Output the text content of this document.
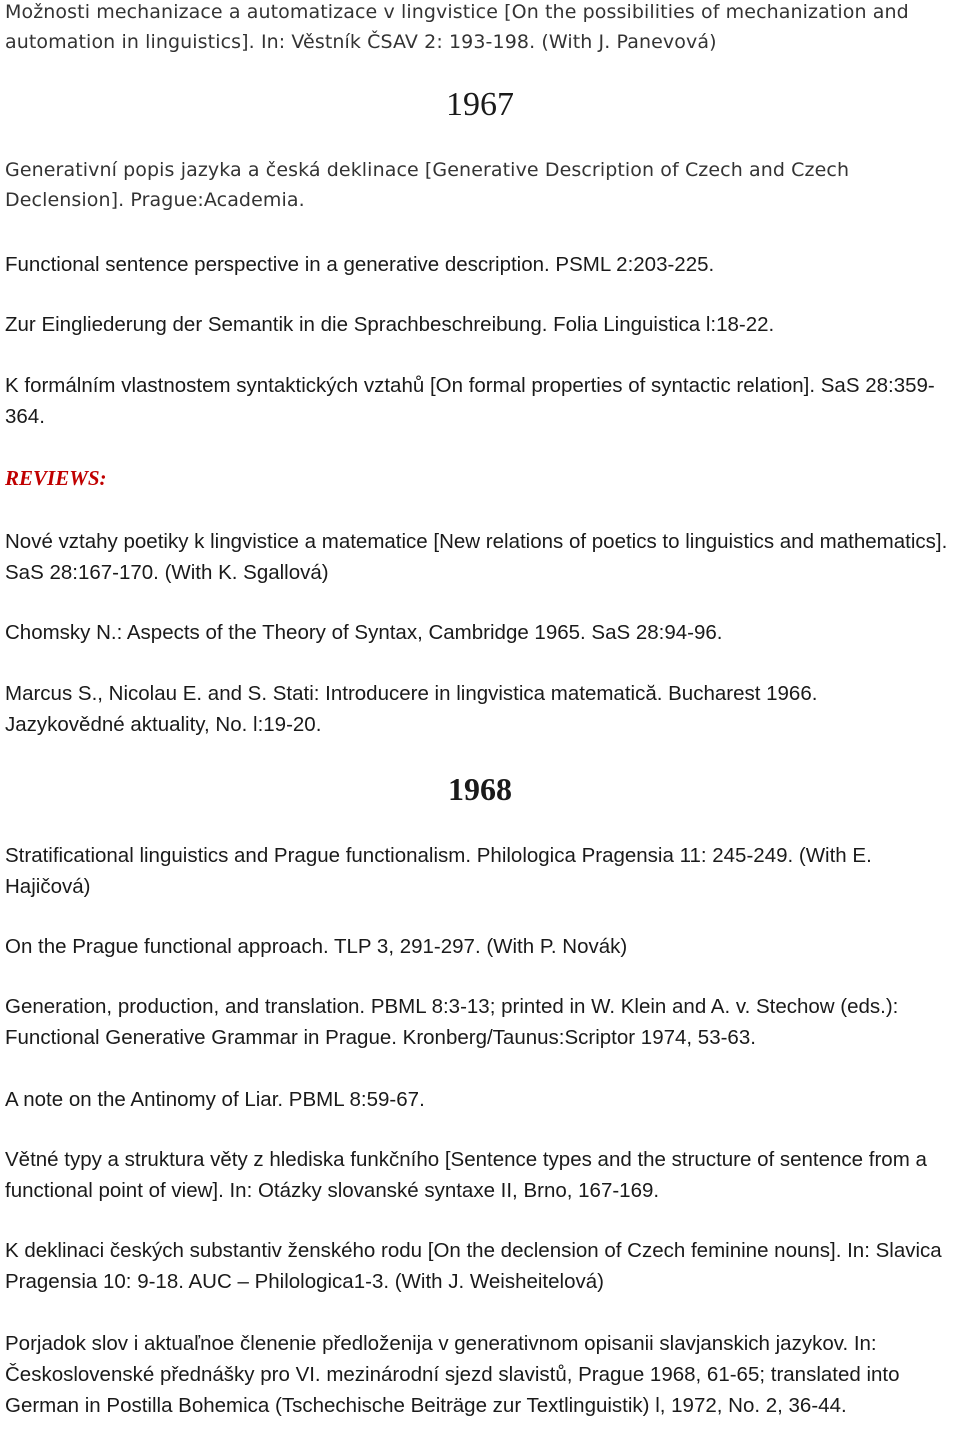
Možnosti mechanizace a automatizace v lingvistice [On the possibilities of mechanization and automation in linguistics]. In: Věstník ČSAV 2: 193-198. (With J. Panevová)

1967

Generativní popis jazyka a česká deklinace [Generative Description of Czech and Czech Declension]. Prague:Academia.

Functional sentence perspective in a generative description. PSML 2:203-225.

Zur Eingliederung der Semantik in die Sprachbeschreibung. Folia Linguistica l:18-22.

K formálním vlastnostem syntaktických vztahů [On formal properties of syntactic relation]. SaS 28:359-364.

REVIEWS:

Nové vztahy poetiky k lingvistice a matematice [New relations of poetics to linguistics and mathematics]. SaS 28:167-170. (With K. Sgallová)

Chomsky N.: Aspects of the Theory of Syntax, Cambridge 1965. SaS 28:94-96.

Marcus S., Nicolau E. and S. Stati: Introducere in lingvistica matematică. Bucharest 1966. Jazykovědné aktuality, No. l:19-20.

1968

Stratificational linguistics and Prague functionalism. Philologica Pragensia 11: 245-249. (With E. Hajičová)

On the Prague functional approach. TLP 3, 291-297. (With P. Novák)

Generation, production, and translation. PBML 8:3-13; printed in W. Klein and A. v. Stechow (eds.): Functional Generative Grammar in Prague. Kronberg/Taunus:Scriptor 1974, 53-63.

A note on the Antinomy of Liar. PBML 8:59-67.

Větné typy a struktura věty z hlediska funkčního [Sentence types and the structure of sentence from a functional point of view]. In: Otázky slovanské syntaxe II, Brno, 167-169.

K deklinaci českých substantiv ženského rodu [On the declension of Czech feminine nouns]. In: Slavica Pragensia 10: 9-18. AUC – Philologica1-3. (With J. Weisheitelová)

Porjadok slov i aktuaľnoe členenie předloženija v generativnom opisanii slavjanskich jazykov. In: Československé přednášky pro VI. mezinárodní sjezd slavistů, Prague 1968, 61-65; translated into German in Postilla Bohemica (Tschechische Beiträge zur Textlinguistik) l, 1972, No. 2, 36-44.
